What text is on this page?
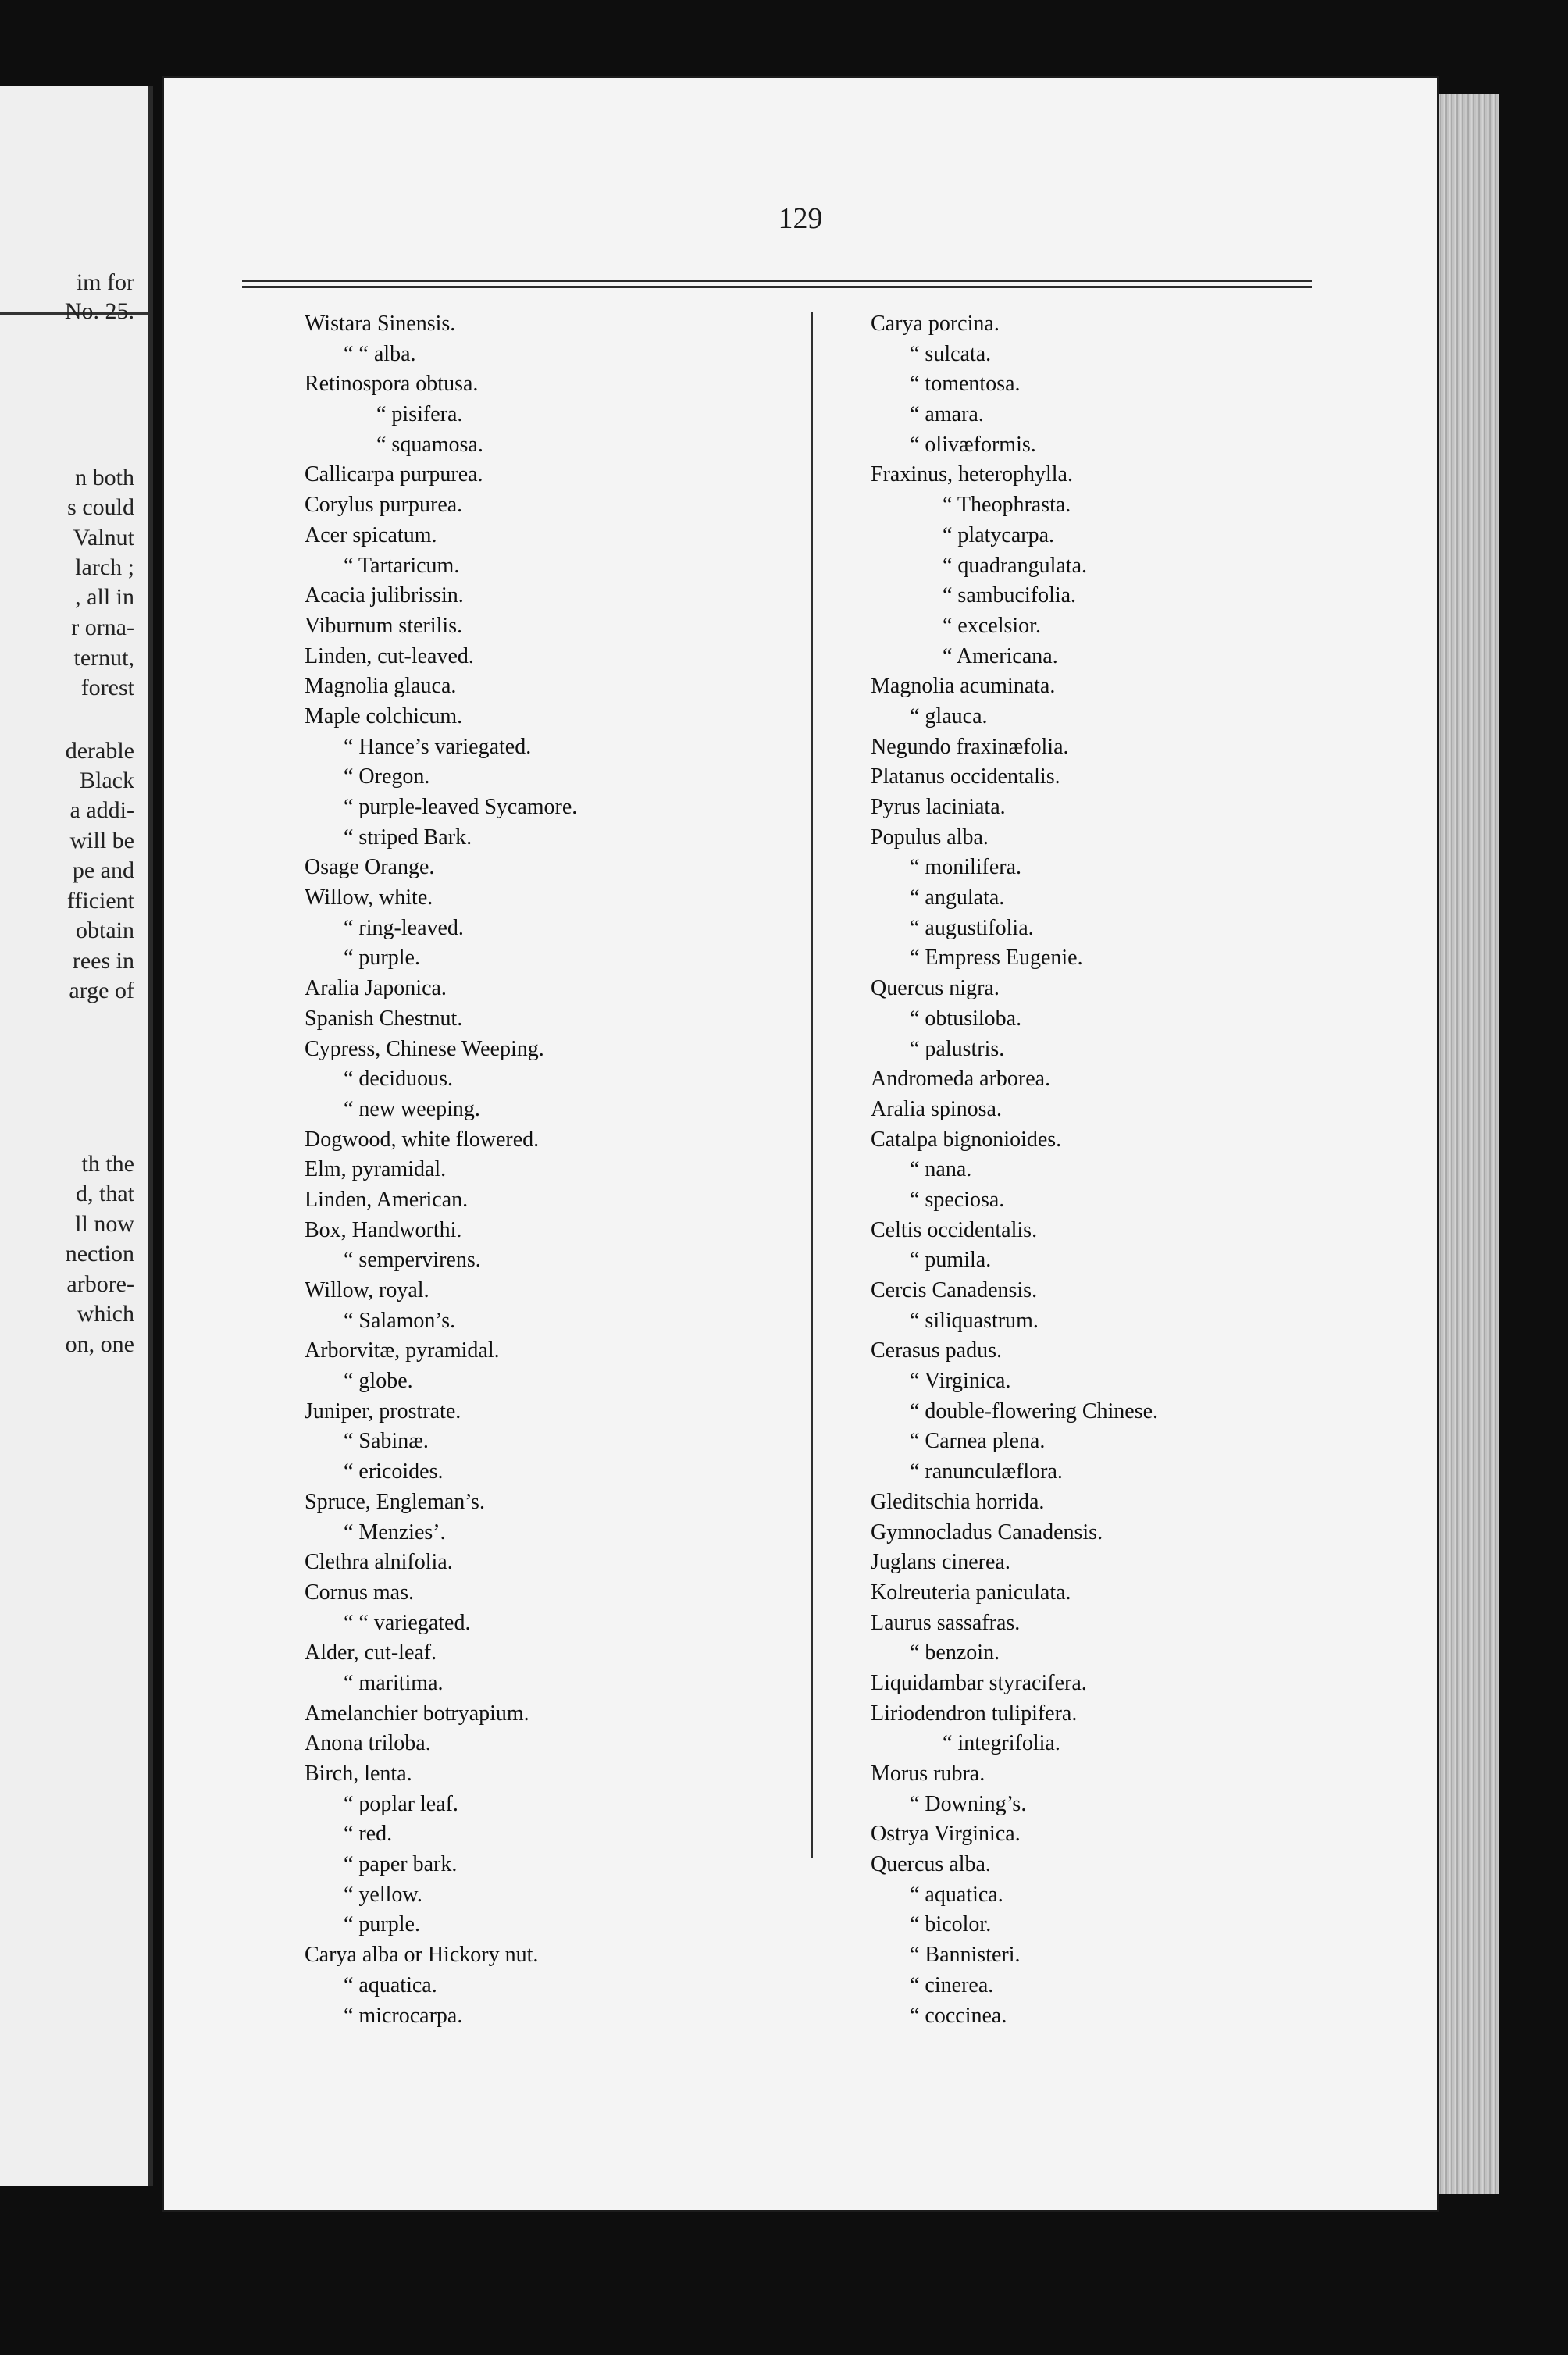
im for

No. 25.

n both

s could

Valnut

larch ;

, all in

r orna-

ternut,

forest

derable

Black

a addi-

will be

pe and

fficient

obtain

rees in

arge of

th the

d, that

ll now

nection

arbore-

which

on, one

129

Wistara Sinensis.
“ “ alba.
Retinospora obtusa.
“ pisifera.
“ squamosa.
Callicarpa purpurea.
Corylus purpurea.
Acer spicatum.
“ Tartaricum.
Acacia julibrissin.
Viburnum sterilis.
Linden, cut-leaved.
Magnolia glauca.
Maple colchicum.
“ Hance’s variegated.
“ Oregon.
“ purple-leaved Sycamore.
“ striped Bark.
Osage Orange.
Willow, white.
“ ring-leaved.
“ purple.
Aralia Japonica.
Spanish Chestnut.
Cypress, Chinese Weeping.
“ deciduous.
“ new weeping.
Dogwood, white flowered.
Elm, pyramidal.
Linden, American.
Box, Handworthi.
“ sempervirens.
Willow, royal.
“ Salamon’s.
Arborvitæ, pyramidal.
“ globe.
Juniper, prostrate.
“ Sabinæ.
“ ericoides.
Spruce, Engleman’s.
“ Menzies’.
Clethra alnifolia.
Cornus mas.
“ “ variegated.
Alder, cut-leaf.
“ maritima.
Amelanchier botryapium.
Anona triloba.
Birch, lenta.
“ poplar leaf.
“ red.
“ paper bark.
“ yellow.
“ purple.
Carya alba or Hickory nut.
“ aquatica.
“ microcarpa.
Carya porcina.
“ sulcata.
“ tomentosa.
“ amara.
“ olivæformis.
Fraxinus, heterophylla.
“ Theophrasta.
“ platycarpa.
“ quadrangulata.
“ sambucifolia.
“ excelsior.
“ Americana.
Magnolia acuminata.
“ glauca.
Negundo fraxinæfolia.
Platanus occidentalis.
Pyrus laciniata.
Populus alba.
“ monilifera.
“ angulata.
“ augustifolia.
“ Empress Eugenie.
Quercus nigra.
“ obtusiloba.
“ palustris.
Andromeda arborea.
Aralia spinosa.
Catalpa bignonioides.
“ nana.
“ speciosa.
Celtis occidentalis.
“ pumila.
Cercis Canadensis.
“ siliquastrum.
Cerasus padus.
“ Virginica.
“ double-flowering Chinese.
“ Carnea plena.
“ ranunculæflora.
Gleditschia horrida.
Gymnocladus Canadensis.
Juglans cinerea.
Kolreuteria paniculata.
Laurus sassafras.
“ benzoin.
Liquidambar styracifera.
Liriodendron tulipifera.
“ integrifolia.
Morus rubra.
“ Downing’s.
Ostrya Virginica.
Quercus alba.
“ aquatica.
“ bicolor.
“ Bannisteri.
“ cinerea.
“ coccinea.
